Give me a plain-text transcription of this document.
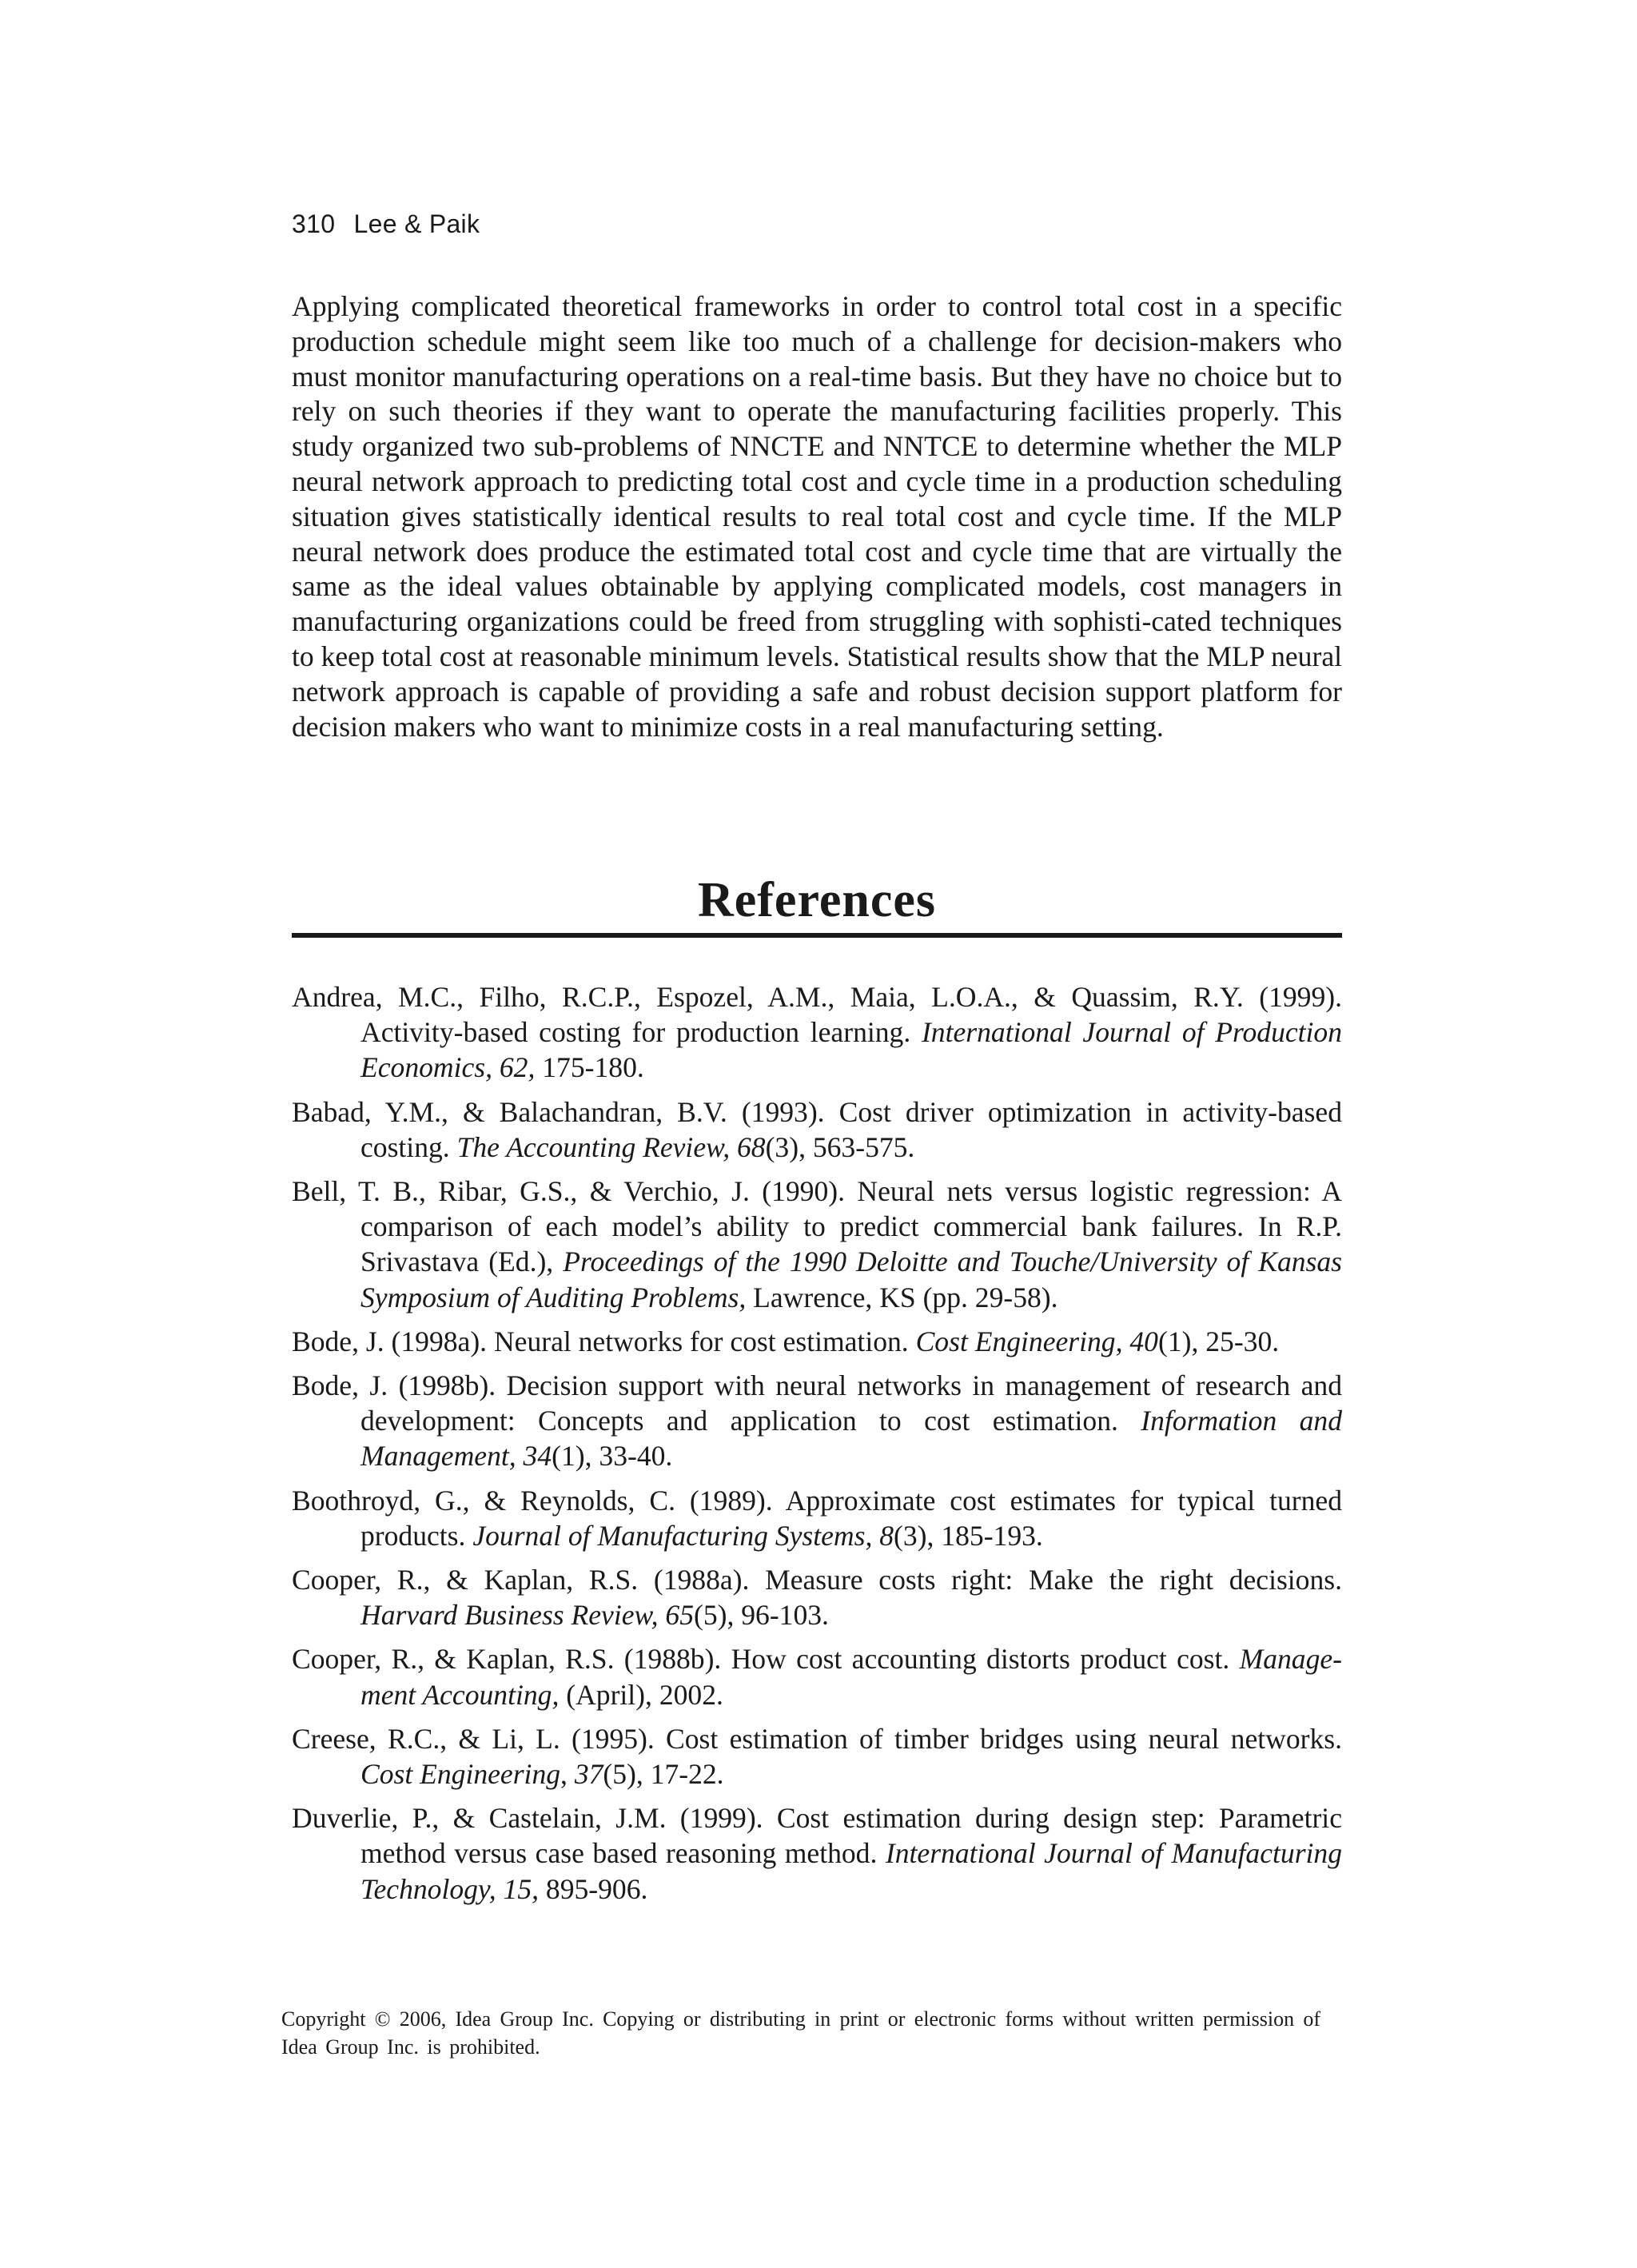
310 Lee & Paik

Applying complicated theoretical frameworks in order to control total cost in a specific production schedule might seem like too much of a challenge for decision-makers who must monitor manufacturing operations on a real-time basis. But they have no choice but to rely on such theories if they want to operate the manufacturing facilities properly. This study organized two sub-problems of NNCTE and NNTCE to determine whether the MLP neural network approach to predicting total cost and cycle time in a production scheduling situation gives statistically identical results to real total cost and cycle time. If the MLP neural network does produce the estimated total cost and cycle time that are virtually the same as the ideal values obtainable by applying complicated models, cost managers in manufacturing organizations could be freed from struggling with sophisti-cated techniques to keep total cost at reasonable minimum levels. Statistical results show that the MLP neural network approach is capable of providing a safe and robust decision support platform for decision makers who want to minimize costs in a real manufacturing setting.

References
Andrea, M.C., Filho, R.C.P., Espozel, A.M., Maia, L.O.A., & Quassim, R.Y. (1999). Activity-based costing for production learning. International Journal of Production Economics, 62, 175-180.
Babad, Y.M., & Balachandran, B.V. (1993). Cost driver optimization in activity-based costing. The Accounting Review, 68(3), 563-575.
Bell, T. B., Ribar, G.S., & Verchio, J. (1990). Neural nets versus logistic regression: A comparison of each model’s ability to predict commercial bank failures. In R.P. Srivastava (Ed.), Proceedings of the 1990 Deloitte and Touche/University of Kansas Symposium of Auditing Problems, Lawrence, KS (pp. 29-58).
Bode, J. (1998a). Neural networks for cost estimation. Cost Engineering, 40(1), 25-30.
Bode, J. (1998b). Decision support with neural networks in management of research and development: Concepts and application to cost estimation. Information and Management, 34(1), 33-40.
Boothroyd, G., & Reynolds, C. (1989). Approximate cost estimates for typical turned products. Journal of Manufacturing Systems, 8(3), 185-193.
Cooper, R., & Kaplan, R.S. (1988a). Measure costs right: Make the right decisions. Harvard Business Review, 65(5), 96-103.
Cooper, R., & Kaplan, R.S. (1988b). How cost accounting distorts product cost. Manage-ment Accounting, (April), 2002.
Creese, R.C., & Li, L. (1995). Cost estimation of timber bridges using neural networks. Cost Engineering, 37(5), 17-22.
Duverlie, P., & Castelain, J.M. (1999). Cost estimation during design step: Parametric method versus case based reasoning method. International Journal of Manufacturing Technology, 15, 895-906.
Copyright © 2006, Idea Group Inc. Copying or distributing in print or electronic forms without written permission of Idea Group Inc. is prohibited.
